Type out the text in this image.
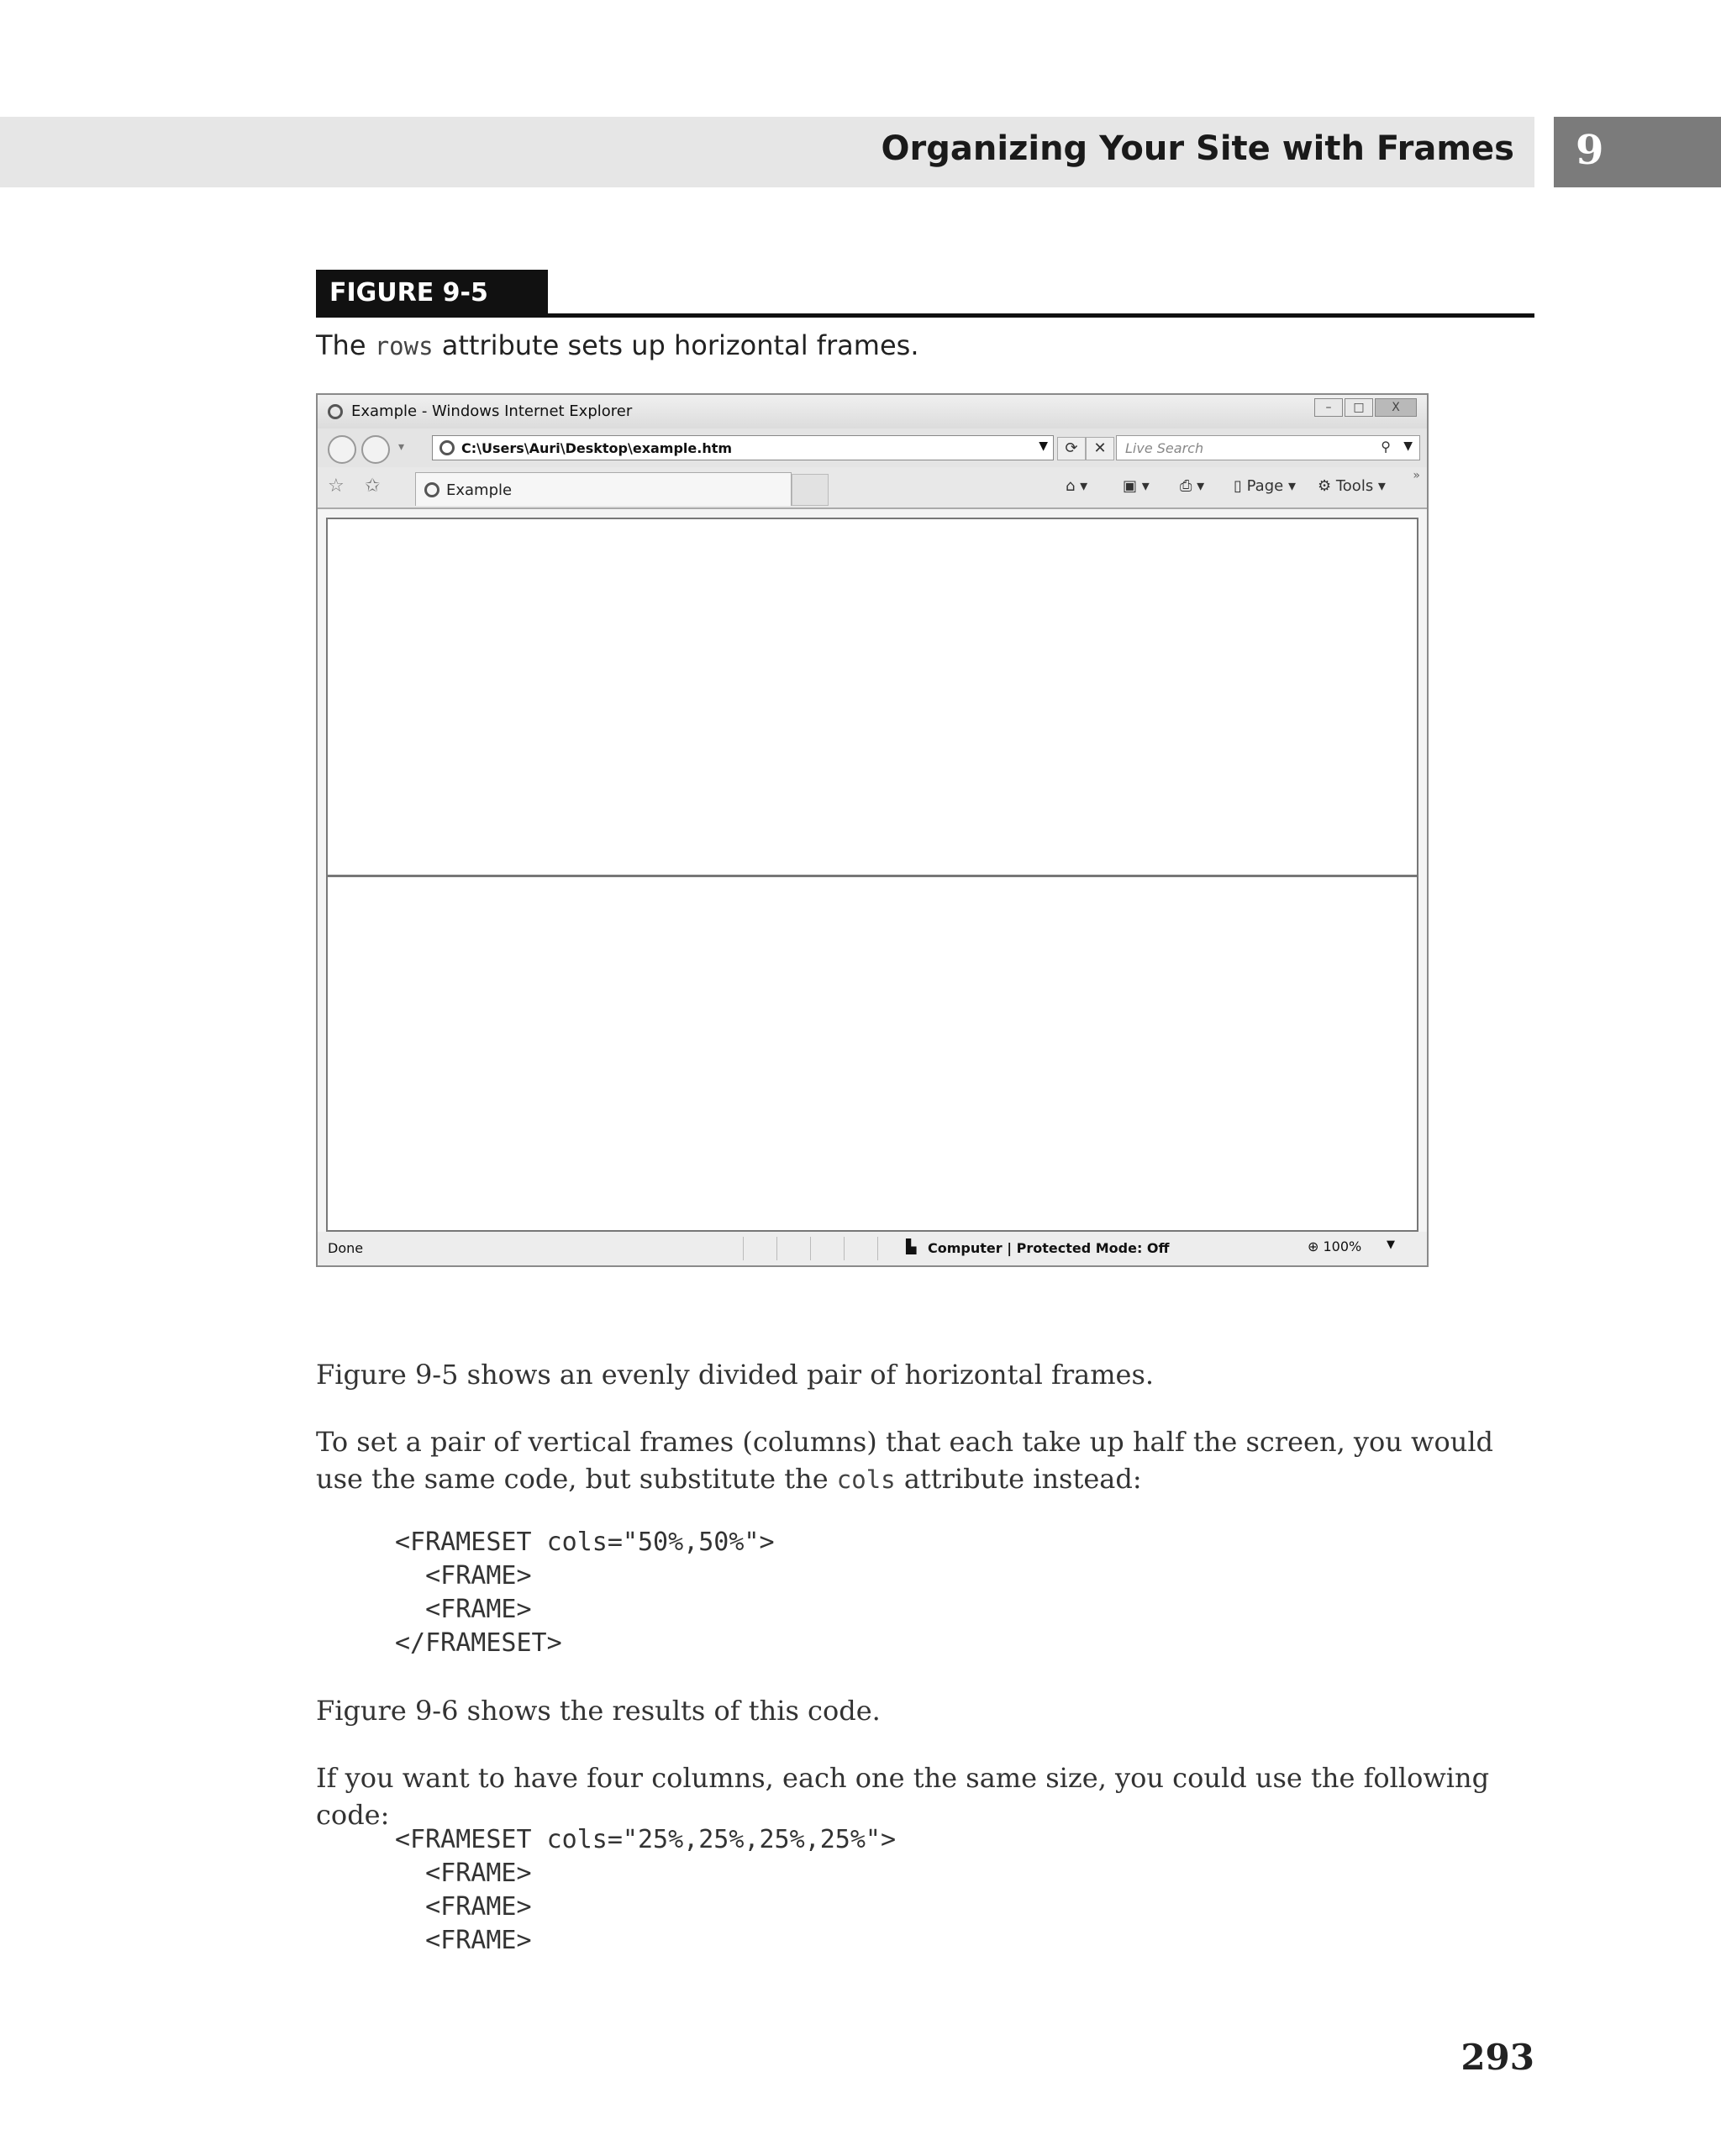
Organizing Your Site with Frames 9
FIGURE 9-5
The rows attribute sets up horizontal frames.
Example - Windows Internet Explorer	–	□	X
▾	C:\Users\Auri\Desktop\example.htm	▼	⟳	✕	Live Search	⚲ ▼
☆ ✩	Example	⌂ ▾ ▣ ▾ ⎙ ▾ ▯ Page ▾ ⚙ Tools ▾
»
Done	▙ Computer | Protected Mode: Off	⊕ 100% ▼
Figure 9-5 shows an evenly divided pair of horizontal frames.
To set a pair of vertical frames (columns) that each take up half the screen, you would use the same code, but substitute the cols attribute instead:
<FRAMESET cols="50%,50%">
<FRAME>
<FRAME>
</FRAMESET>
Figure 9-6 shows the results of this code.
If you want to have four columns, each one the same size, you could use the following code:
<FRAMESET cols="25%,25%,25%,25%">
<FRAME>
<FRAME>
<FRAME>
293
